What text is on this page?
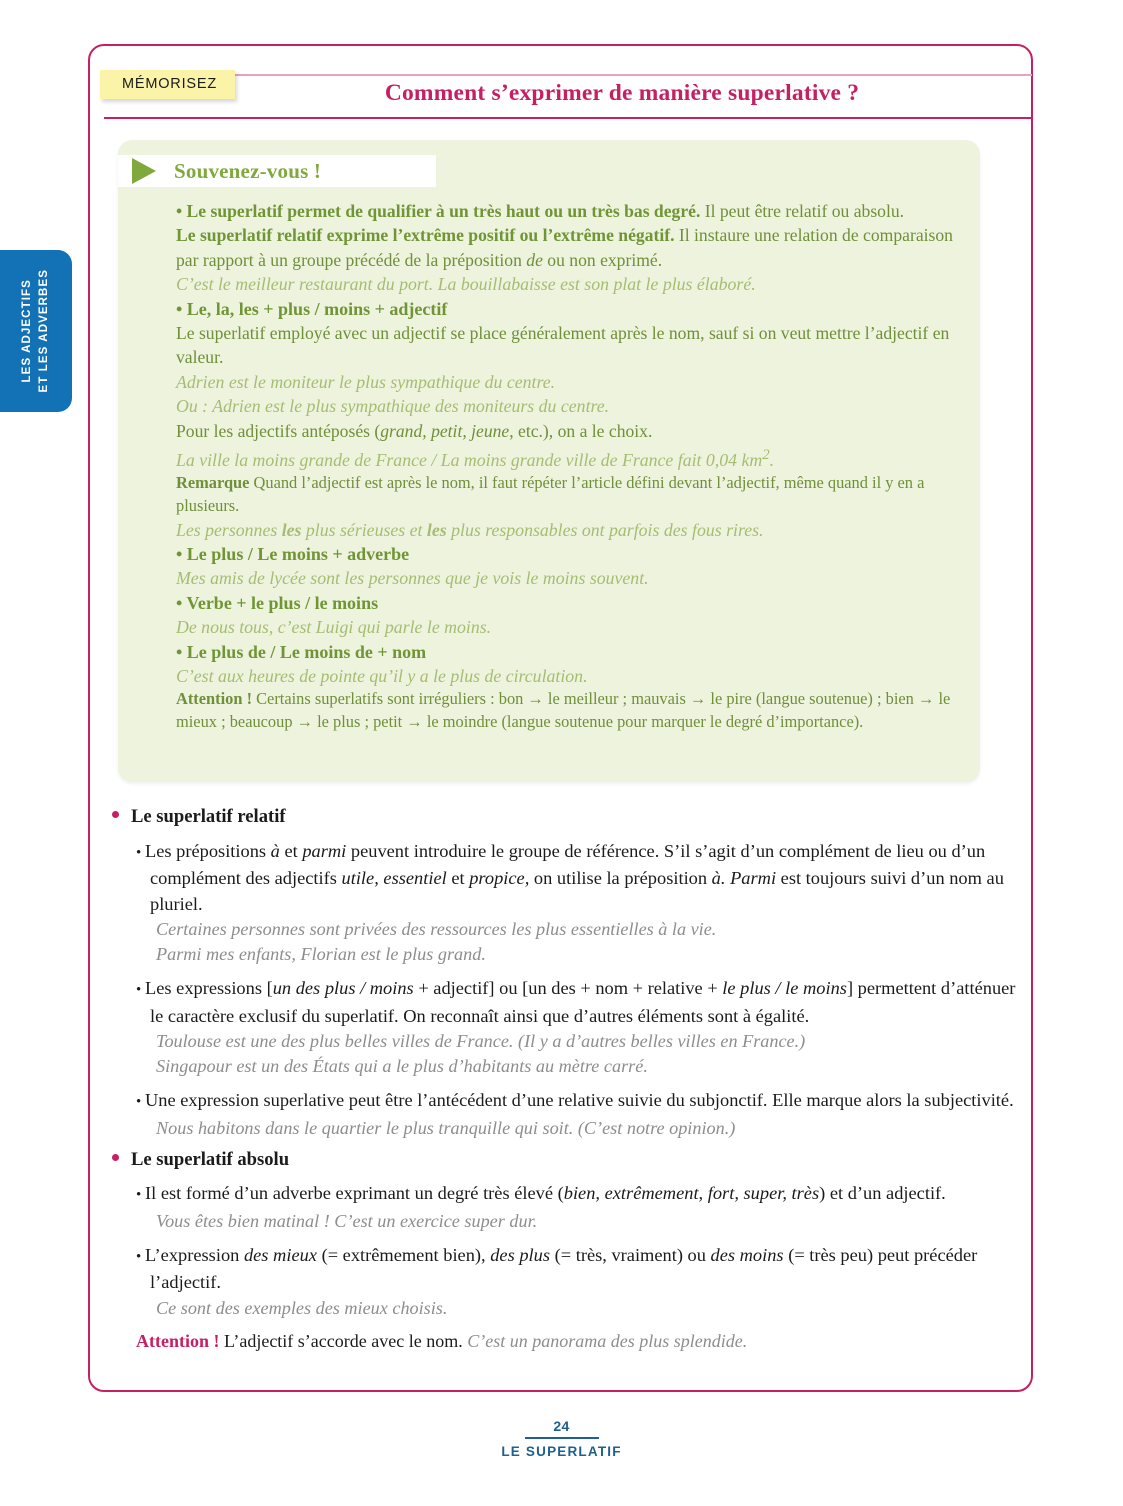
LES ADJECTIFS ET LES ADVERBES
MÉMORISEZ	Comment s’exprimer de manière superlative ?
Souvenez-vous !

• Le superlatif permet de qualifier à un très haut ou un très bas degré. Il peut être relatif ou absolu.

Le superlatif relatif exprime l’extrême positif ou l’extrême négatif. Il instaure une relation de comparaison par rapport à un groupe précédé de la préposition de ou non exprimé.

C’est le meilleur restaurant du port. La bouillabaisse est son plat le plus élaboré.

• Le, la, les + plus / moins + adjectif

Le superlatif employé avec un adjectif se place généralement après le nom, sauf si on veut mettre l’adjectif en valeur.

Adrien est le moniteur le plus sympathique du centre.

Ou : Adrien est le plus sympathique des moniteurs du centre.

Pour les adjectifs antéposés (grand, petit, jeune, etc.), on a le choix.

La ville la moins grande de France / La moins grande ville de France fait 0,04 $km^2$.

Remarque Quand l’adjectif est après le nom, il faut répéter l’article défini devant l’adjectif, même quand il y en a plusieurs.

Les personnes les plus sérieuses et les plus responsables ont parfois des fous rires.

• Le plus / Le moins + adverbe

Mes amis de lycée sont les personnes que je vois le moins souvent.

• Verbe + le plus / le moins

De nous tous, c’est Luigi qui parle le moins.

• Le plus de / Le moins de + nom

C’est aux heures de pointe qu’il y a le plus de circulation.

Attention ! Certains superlatifs sont irréguliers : bon → le meilleur ; mauvais → le pire (langue soutenue) ; bien → le mieux ; beaucoup → le plus ; petit → le moindre (langue soutenue pour marquer le degré d’importance).

Le superlatif relatif
• Les prépositions à et parmi peuvent introduire le groupe de référence. S’il s’agit d’un complément de lieu ou d’un complément des adjectifs utile, essentiel et propice, on utilise la préposition à. Parmi est toujours suivi d’un nom au pluriel.
Certaines personnes sont privées des ressources les plus essentielles à la vie.
Parmi mes enfants, Florian est le plus grand.
• Les expressions [un des plus / moins + adjectif] ou [un des + nom + relative + le plus / le moins] permettent d’atténuer le caractère exclusif du superlatif. On reconnaît ainsi que d’autres éléments sont à égalité.
Toulouse est une des plus belles villes de France. (Il y a d’autres belles villes en France.)
Singapour est un des États qui a le plus d’habitants au mètre carré.
• Une expression superlative peut être l’antécédent d’une relative suivie du subjonctif. Elle marque alors la subjectivité.
Nous habitons dans le quartier le plus tranquille qui soit. (C’est notre opinion.)
Le superlatif absolu
• Il est formé d’un adverbe exprimant un degré très élevé (bien, extrêmement, fort, super, très) et d’un adjectif.
Vous êtes bien matinal ! C’est un exercice super dur.
• L’expression des mieux (= extrêmement bien), des plus (= très, vraiment) ou des moins (= très peu) peut précéder l’adjectif.
Ce sont des exemples des mieux choisis.
Attention ! L’adjectif s’accorde avec le nom. C’est un panorama des plus splendide.
24
LE SUPERLATIF
